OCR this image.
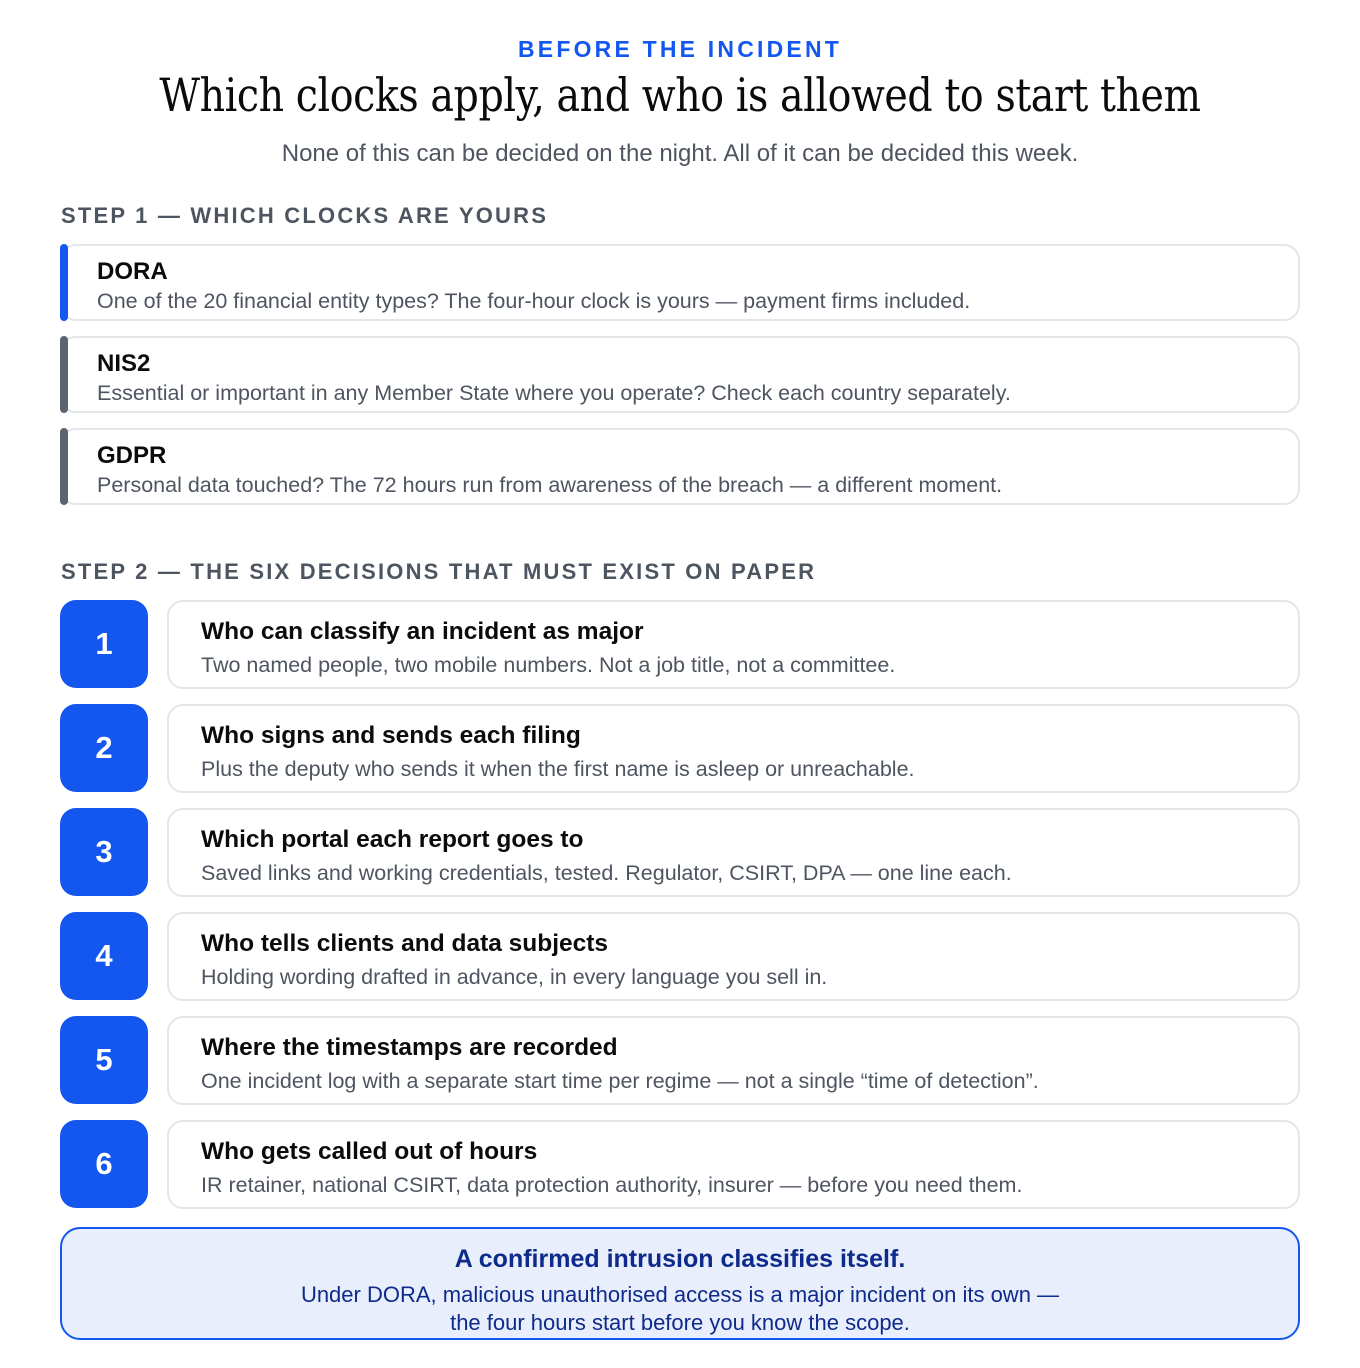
BEFORE THE INCIDENT
Which clocks apply, and who is allowed to start them
None of this can be decided on the night. All of it can be decided this week.
STEP 1 — WHICH CLOCKS ARE YOURS
DORA
One of the 20 financial entity types? The four-hour clock is yours — payment firms included.
NIS2
Essential or important in any Member State where you operate? Check each country separately.
GDPR
Personal data touched? The 72 hours run from awareness of the breach — a different moment.
STEP 2 — THE SIX DECISIONS THAT MUST EXIST ON PAPER
1	Who can classify an incident as major
Two named people, two mobile numbers. Not a job title, not a committee.
2	Who signs and sends each filing
Plus the deputy who sends it when the first name is asleep or unreachable.
3	Which portal each report goes to
Saved links and working credentials, tested. Regulator, CSIRT, DPA — one line each.
4	Who tells clients and data subjects
Holding wording drafted in advance, in every language you sell in.
5	Where the timestamps are recorded
One incident log with a separate start time per regime — not a single “time of detection”.
6	Who gets called out of hours
IR retainer, national CSIRT, data protection authority, insurer — before you need them.
A confirmed intrusion classifies itself.
Under DORA, malicious unauthorised access is a major incident on its own —
the four hours start before you know the scope.
